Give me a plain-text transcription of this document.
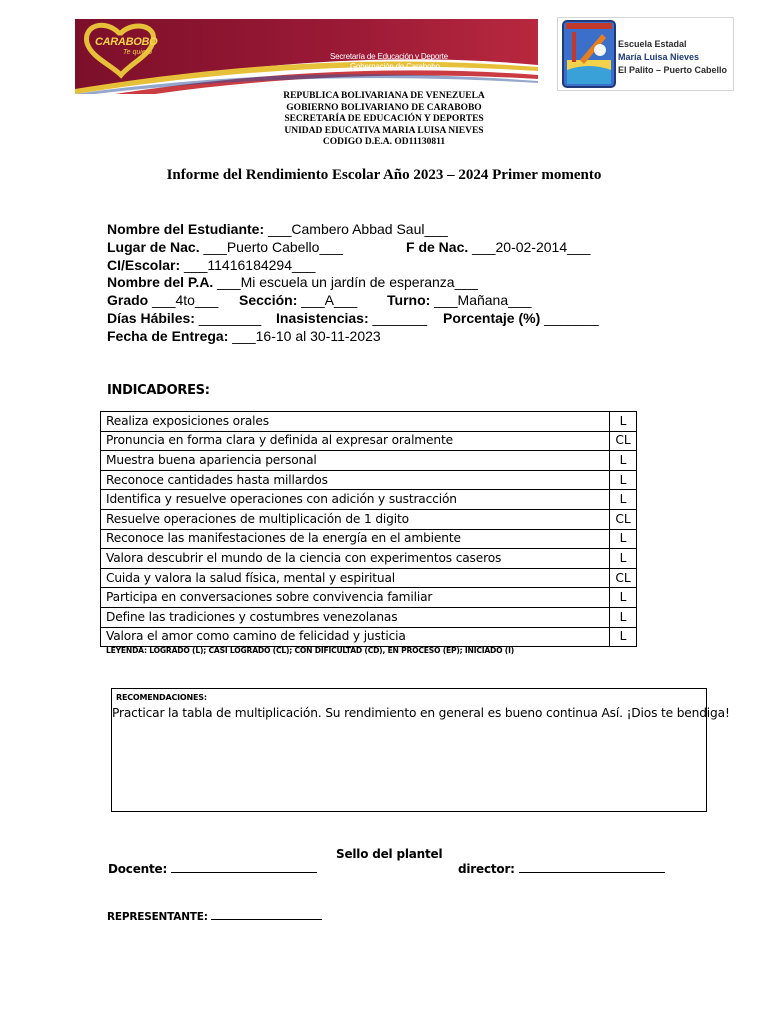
CARABOBO
Te quiero	Secretaría de Educación y Deporte
Gobernación de Carabobo
Escuela Estadal
María Luisa Nieves
El Palito – Puerto Cabello
REPUBLICA BOLIVARIANA DE VENEZUELA
GOBIERNO BOLIVARIANO DE CARABOBO
SECRETARÍA DE EDUCACIÓN Y DEPORTES
UNIDAD EDUCATIVA MARIA LUISA NIEVES
CODIGO D.E.A. OD11130811
Informe del Rendimiento Escolar Año 2023 – 2024 Primer momento
Nombre del Estudiante: ___Cambero Abbad Saul___
Lugar de Nac. ___Puerto Cabello___	F de Nac. ___20-02-2014___
CI/Escolar: ___11416184294___
Nombre del P.A. ___Mi escuela un jardín de esperanza___
Grado ___4to___ Sección: ___A___ Turno: ___Mañana___
Días Hábiles: ________ Inasistencias: _______ Porcentaje (%) _______
Fecha de Entrega: ___16-10 al 30-11-2023
INDICADORES:
Realiza exposiciones orales	L
Pronuncia en forma clara y definida al expresar oralmente	CL
Muestra buena apariencia personal	L
Reconoce cantidades hasta millardos	L
Identifica y resuelve operaciones con adición y sustracción	L
Resuelve operaciones de multiplicación de 1 digito	CL
Reconoce las manifestaciones de la energía en el ambiente	L
Valora descubrir el mundo de la ciencia con experimentos caseros	L
Cuida y valora la salud física, mental y espiritual	CL
Participa en conversaciones sobre convivencia familiar	L
Define las tradiciones y costumbres venezolanas	L
Valora el amor como camino de felicidad y justicia	L
LEYENDA: LOGRADO (L); CASI LOGRADO (CL); CON DIFICULTAD (CD), EN PROCESO (EP); INICIADO (I)
RECOMENDACIONES:
Practicar la tabla de multiplicación. Su rendimiento en general es bueno continua Así. ¡Dios te bendiga!
Sello del plantel
Docente:	director:
REPRESENTANTE:
